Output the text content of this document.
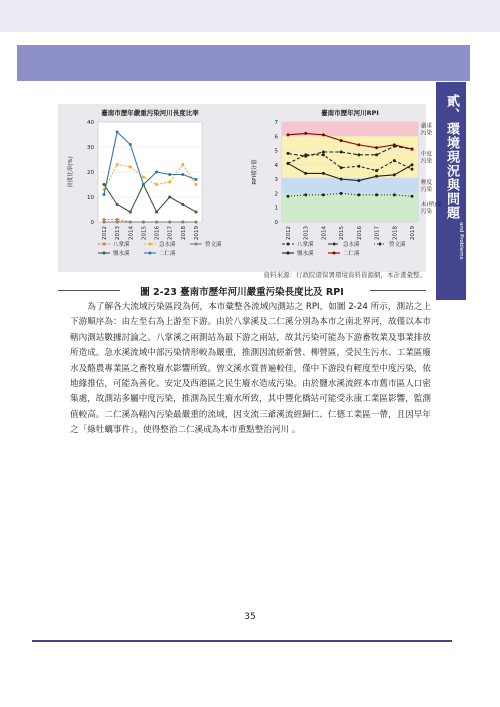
貳、環境現況與問題
Environmental Statuses and Problems
臺南市歷年嚴重污染河川長度比率
0
10
20
30
40
長度比率(%)
2012 2013 2014 2015 2016 2017 2018 2019
八掌溪	急水溪	曾文溪
鹽水溪	二仁溪
臺南市歷年河川RPI
嚴重
污染
中度
污染
輕度
污染
未(稍)受
污染
0
1
2
3
4
5
6
7
RPI積分值
2012 2013 2014 2015 2016 2017 2018 2019
八掌溪	急水溪	曾文溪
鹽水溪	二仁溪
資料來源：行政院環保署環境資料資源網，本計畫彙整。
圖 2-23 臺南市歷年河川嚴重污染長度比及 RPI

為了解各大流域污染區段為何，本市彙整各流域內測站之 RPI，如圖 2-24 所示，測站之上下游順序為：由左至右為上游至下游。由於八掌溪及二仁溪分別為本市之南北界河，故僅以本市轄內測站數據討論之。八掌溪之兩測站為最下游之兩站，故其污染可能為下游畜牧業及事業排放所造成。急水溪流域中部污染情形較為嚴重，推測因流經新營、柳營區，受民生污水、工業區廢水及酪農專業區之畜牧廢水影響所致。曾文溪水質普遍較佳，僅中下游段有輕度至中度污染，依地緣推估，可能為善化、安定及西港區之民生廢水造成污染。由於鹽水溪流經本市舊市區人口密集處，故測站多屬中度污染，推測為民生廢水所致，其中豐化橋站可能受永康工業區影響，監測值較高。二仁溪為轄內污染最嚴重的流域，因支流三爺溪流經歸仁、仁德工業區一帶，且因早年之「綠牡蠣事件」，使得整治二仁溪成為本市重點整治河川 。

35
